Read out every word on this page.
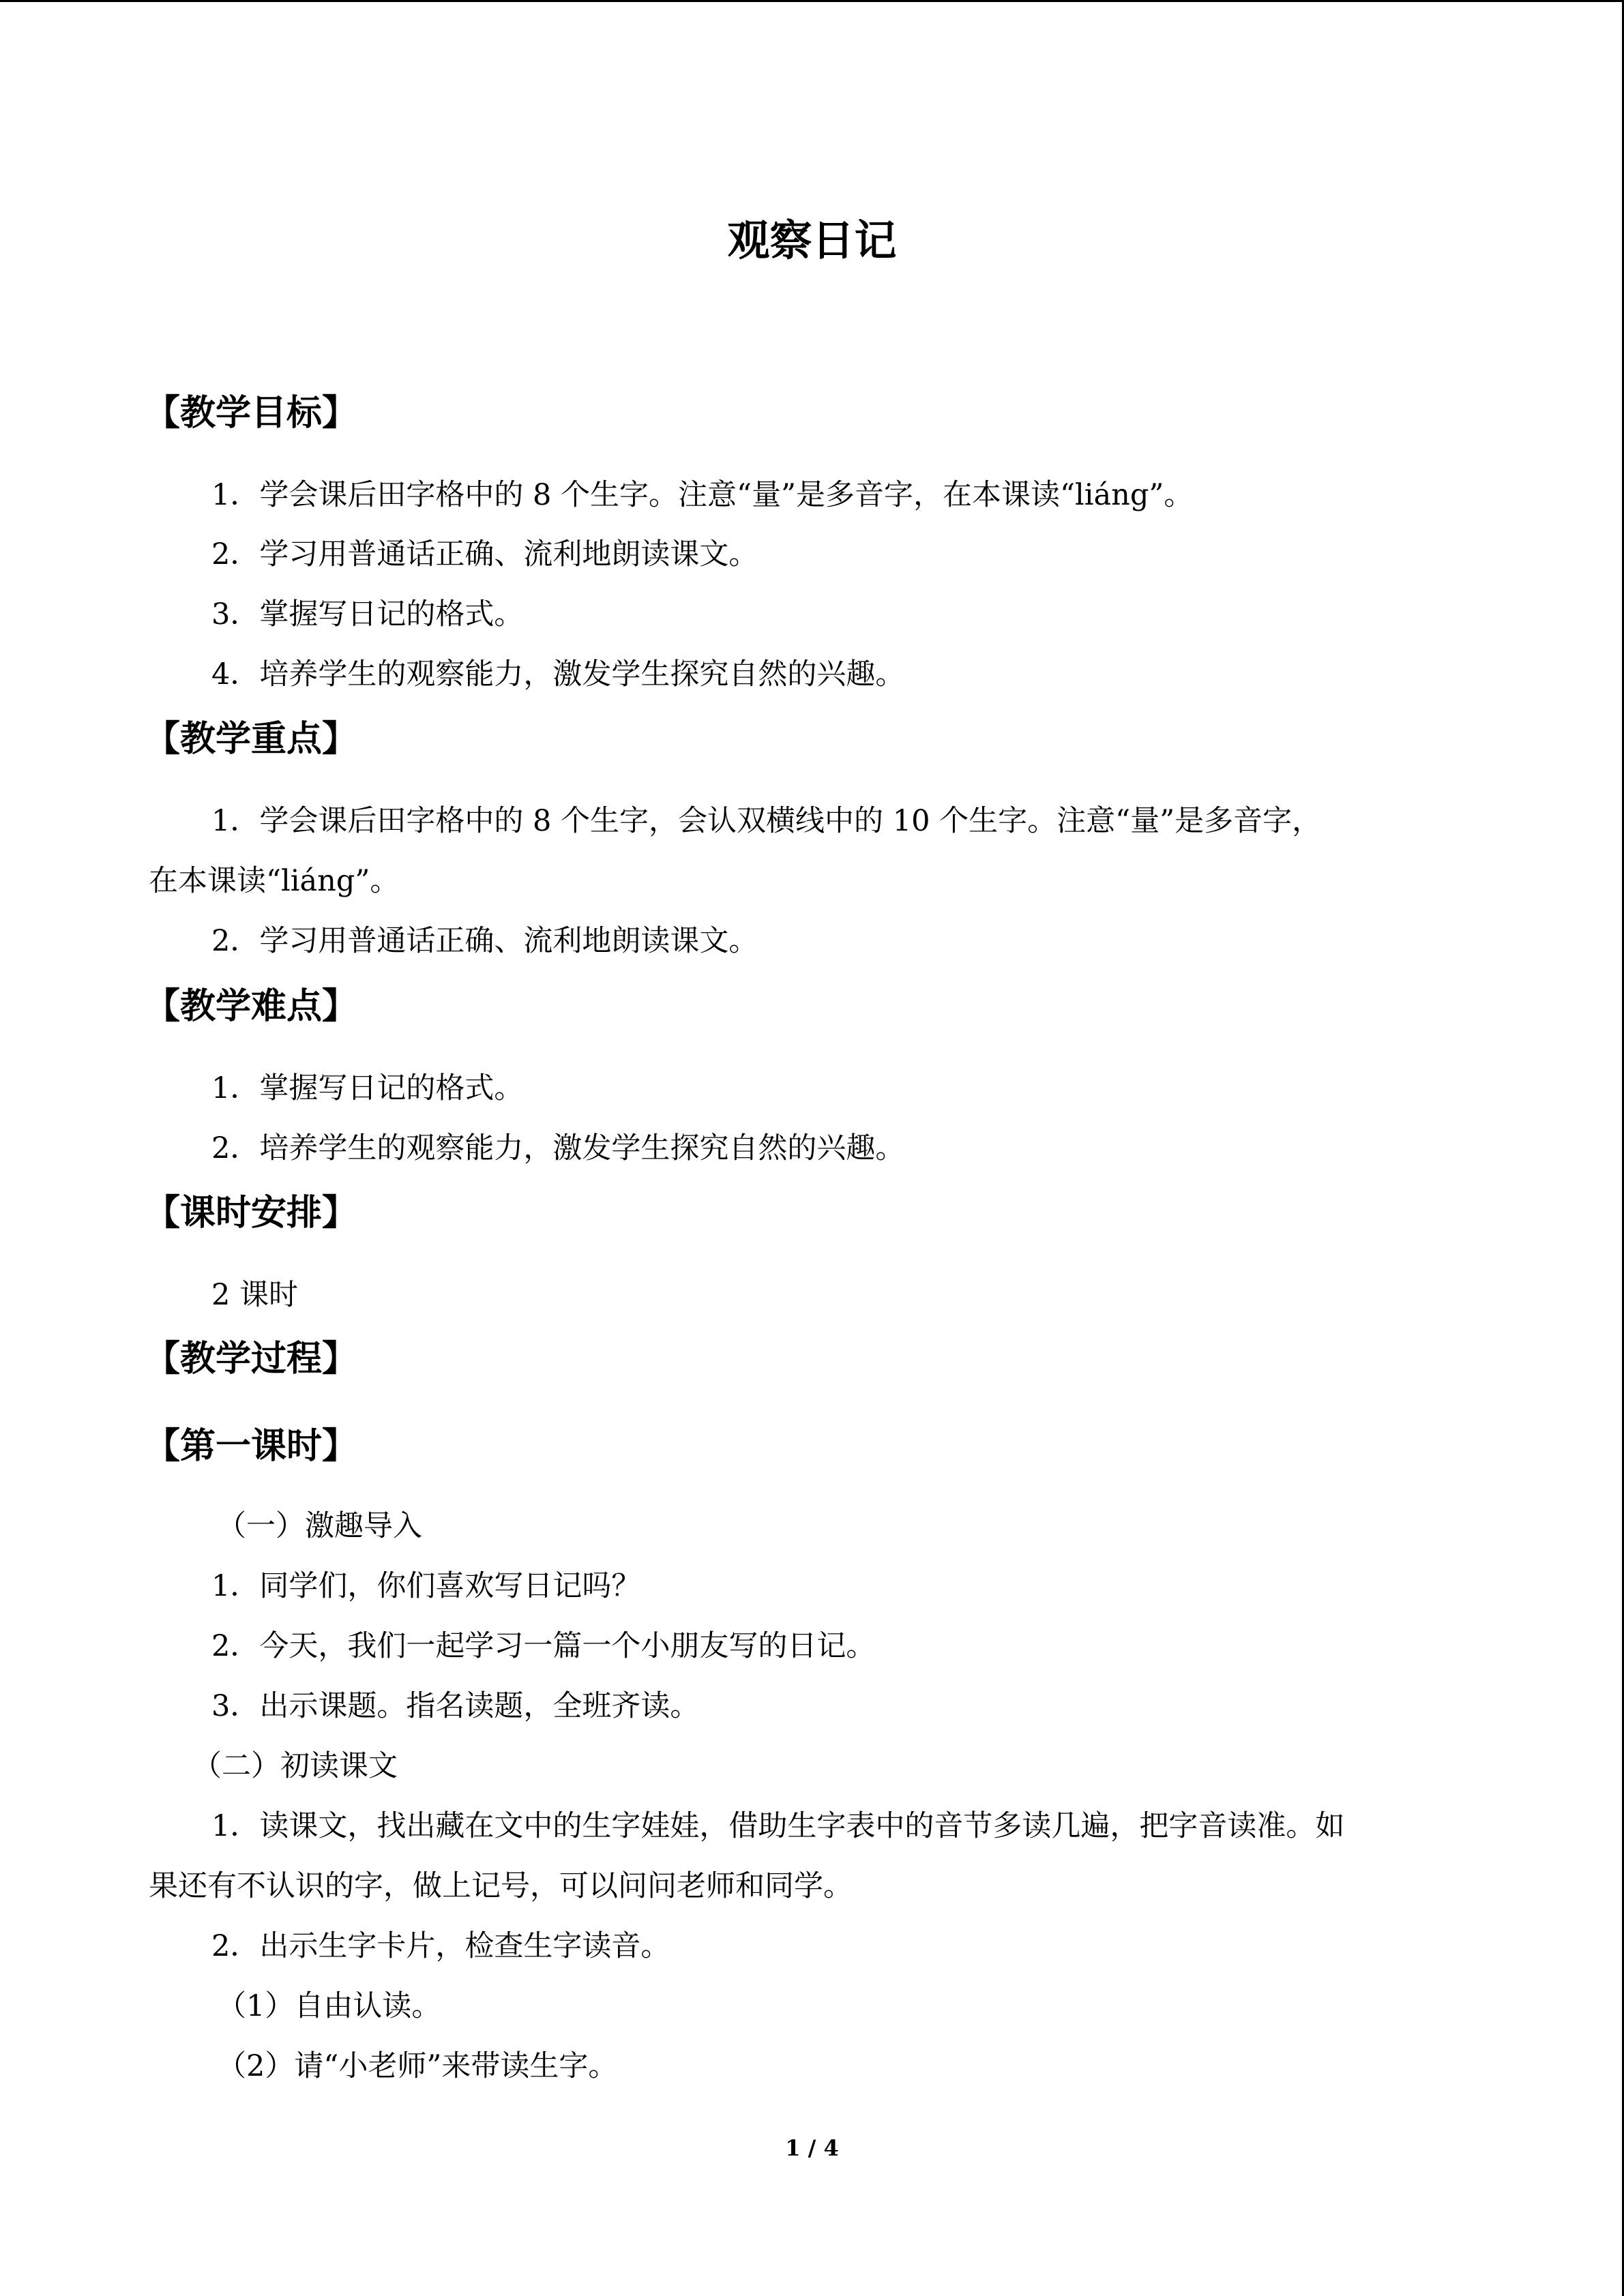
观察日记
【教学目标】

1．学会课后田字格中的 8 个生字。注意“量”是多音字，在本课读“liáng”。

2．学习用普通话正确、流利地朗读课文。

3．掌握写日记的格式。

4．培养学生的观察能力，激发学生探究自然的兴趣。

【教学重点】

1．学会课后田字格中的 8 个生字，会认双横线中的 10 个生字。注意“量”是多音字，

在本课读“liáng”。

2．学习用普通话正确、流利地朗读课文。

【教学难点】

1．掌握写日记的格式。

2．培养学生的观察能力，激发学生探究自然的兴趣。

【课时安排】

2 课时

【教学过程】
【第一课时】

（一）激趣导入

1．同学们，你们喜欢写日记吗？

2．今天，我们一起学习一篇一个小朋友写的日记。

3．出示课题。指名读题，全班齐读。

（二）初读课文

1．读课文，找出藏在文中的生字娃娃，借助生字表中的音节多读几遍，把字音读准。如

果还有不认识的字，做上记号，可以问问老师和同学。

2．出示生字卡片，检查生字读音。

（1）自由认读。

（2）请“小老师”来带读生字。

1 / 4
